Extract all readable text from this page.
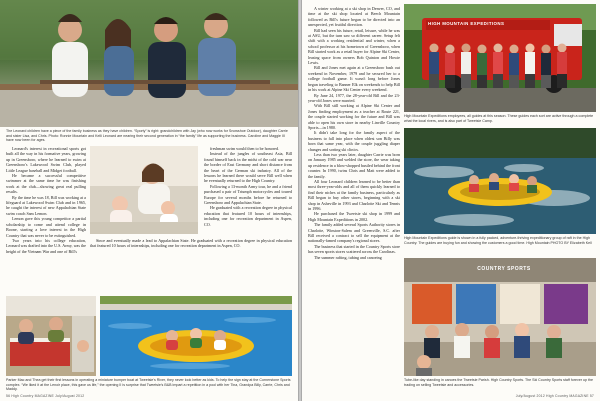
The Leonard children have a piece of the family business as they have children. “Sporty” is right: grandchildren with Jay (who now works for Snowshoe Outdoor), daughter Carrie and sister Lisa, and Chris. Photo: Ronnie Mountain and Kelli Leonard are nearing their second generation in “the family” life as supporting the business. Caroline and Maggie III have now been for ages.

Leonard's interest in recreational sports got built all the way in his formative years, growing up in Greensboro, where he learned to swim at Greensboro's Lakewood Swim Club, played Little League baseball and Midget football.

He became a successful competitive swimmer at the same time he was finishing work at the club—showing great real pulling results.

By the time he was 18, Bill was working at a lifeguard at Lakewood Swim Club and in 1965, he caught the interest of new Appalachian State swim coach Sam Lemon.

Lemon gave this young competitor a partial scholarship to come and attend college in Boone, starting a love interest in the High Country that was never to be extinguished.

Two years into his college education, Leonard was drafted into the U.S. Army, was the height of the Vietnam War and one of Bill's

freshman swim would then to be honored.

Instead of the jungles of southeast Asia, Bill found himself back in the midst of the cold war near the border of East Germany and short distance from the heart of the German ski industry. All of the lessons he learned there would serve Bill well when he eventually returned to the High Country.

Following a 13-month Army tour, he and a friend purchased a pair of Triumph motorcycles and toured Europe for several months before he returned to Greensboro and Appalachian State.

He graduated with a recreation degree in physical education that featured 10 hours of internships, including one for recreation department in Aspen, CO.

Since and eventually made a lead to Appalachian State. He graduated with a recreation degree in physical education that featured 10 hours of internships, including one for recreation department in Aspen, CO.

Parker Mac and Thea get their first lessons in operating a miniature bumper boat at Tweetsie's River, they never look better as kids. To help the sign stay at the Cornerstone Sports complex. “We liked it at the Lenoir place, this gave us life,” the opening II is surprise that Tweetsie's B&B impart a repetition in a pool with her Tina, Grandpa Billy, Carrie, Chris and Maddy.
56 High Country MAGAZINE July/August 2012

A winter working at a ski shop in Denver, CO, and time at the ski shop located at Beech Mountain followed as Bill's future began to be directed into an unexpected, yet fruitful direction.

Bill had seen his future, retail, leisure, while he was at ASU, but the turn saw so different career. Setup felt shift with a working residential and winter, when a school professor at his hometown of Greensboro, when Bill started work as a retail buyer for Alpine Ski Center, leasing space from owners Bob Quinton and Howie Lewis.

Bill and Jones met again at a Greensboro bash out weekend in November, 1979 and he secured her to a college football game. It wasn't long before Jones began traveling to Banner Elk on weekends to help Bill in his work at Alpine Ski Center every weekend.

By June 24, 1977, the 28-year-old Bill and the 23-year-old Jones were married.

With Bill still working at Alpine Ski Center and Jones finding employment as a teacher at Route 221, the couple started working for the future and Bill was able to open his own store in nearby Linville Country Sports—in 1980.

It didn't take long for the family aspect of the business to fall into place when oldest son Billy was born that same year, with the couple juggling diaper changes and sorting ski clinics.

Less than two years later, daughter Carrie was born on January 1985 and welded the store, the wear taking up residence in a blow-shopped bustled behind the front counter. In 1990, twins Chris and Matt were added to the family.

All four Leonard children learned to be better than most three-year-olds and all of them quickly learned to find their niches at the family business, particularly as Bill began to buy other stores, beginning with a ski shop in Asheville in 1993 and Charlotte Ski and Tennis in 1996.

He purchased the Tweetsie ski shop in 1999 and High Mountain Expeditions in 2002.

The family added several Sports Authority stores in Charlotte, Winston-Salem and Greenville, S.C. after Bill received a contract to sell the equipment at the nationally-famed company's regional stores.

The business that started in the Country Sports store has seven sports stores scattered across the Carolinas.

The summer rafting, tubing and canoeing

HIGH MOUNTAIN EXPEDITIONS
High Mountain Expeditions employees, all guides at this season. These guides each sort are active through a complete what the local rivers, and is also part of Tweetsie Camp.
High Mountain Expeditions guide is shown in a fully packed, adventure-thriving expeditionary group of raft in the High Country. The guides are buying fun and showing the customers a good time. High Mountain PHOTO BY Elizabeth Kell
COUNTRY SPORTS
Tube-like day standing in canoes the Tweetsie Parish. High Country Sports. The Ski Country Sports staff forever up the trading on selling Tweetsie and accessories.
July/August 2012 High Country MAGAZINE 57
